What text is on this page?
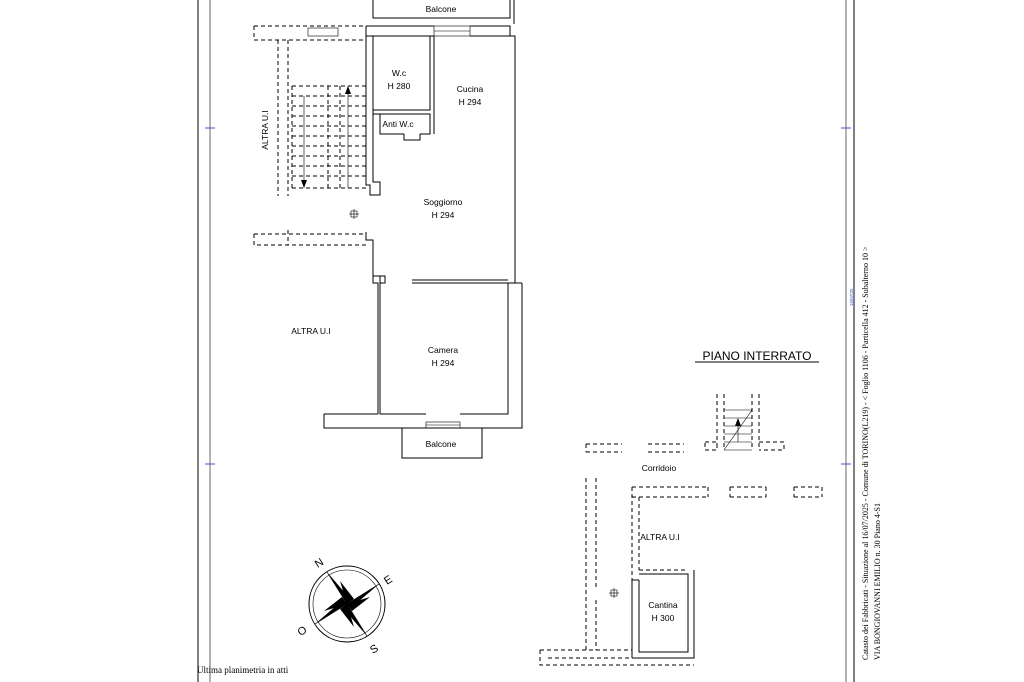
Balcone
W.c
H 280
Anti W.c
Cucina
H 294
Soggiorno
H 294
ALTRA U.I
ALTRA U.I
Camera
H 294
Balcone
PIANO INTERRATO
Corridoio
ALTRA U.I
Cantina
H 300
N
E
S
O
Ultima planimetria in atti
Catasto dei Fabbricati - Situazione al 16/07/2025 - Comune di TORINO(L219) - < Foglio 1106 - Particella 412 - Subalterno 10 > VIA BONGIOVANNI EMILIO n. 30 Piano 4-S1
16/07/25
